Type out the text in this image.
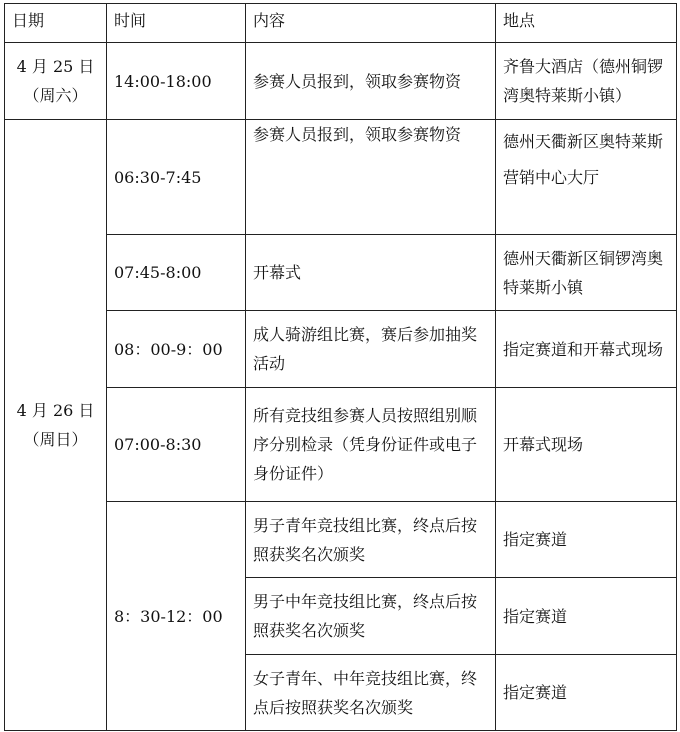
日期	时间	内容	地点

4 月 25 日
（周六）	14:00-18:00	参赛人员报到，领取参赛物资	齐鲁大酒店（德州铜锣湾奥特莱斯小镇）

4 月 26 日
（周日）	06:30-7:45	参赛人员报到，领取参赛物资	德州天衢新区奥特莱斯营销中心大厅
	07:45-8:00	开幕式	德州天衢新区铜锣湾奥特莱斯小镇
	08：00-9：00	成人骑游组比赛，赛后参加抽奖活动	指定赛道和开幕式现场
	07:00-8:30	所有竞技组参赛人员按照组别顺序分别检录（凭身份证件或电子身份证件）	开幕式现场
	8：30-12：00	男子青年竞技组比赛，终点后按照获奖名次颁奖	指定赛道
		男子中年竞技组比赛，终点后按照获奖名次颁奖	指定赛道
		女子青年、中年竞技组比赛，终点后按照获奖名次颁奖	指定赛道
